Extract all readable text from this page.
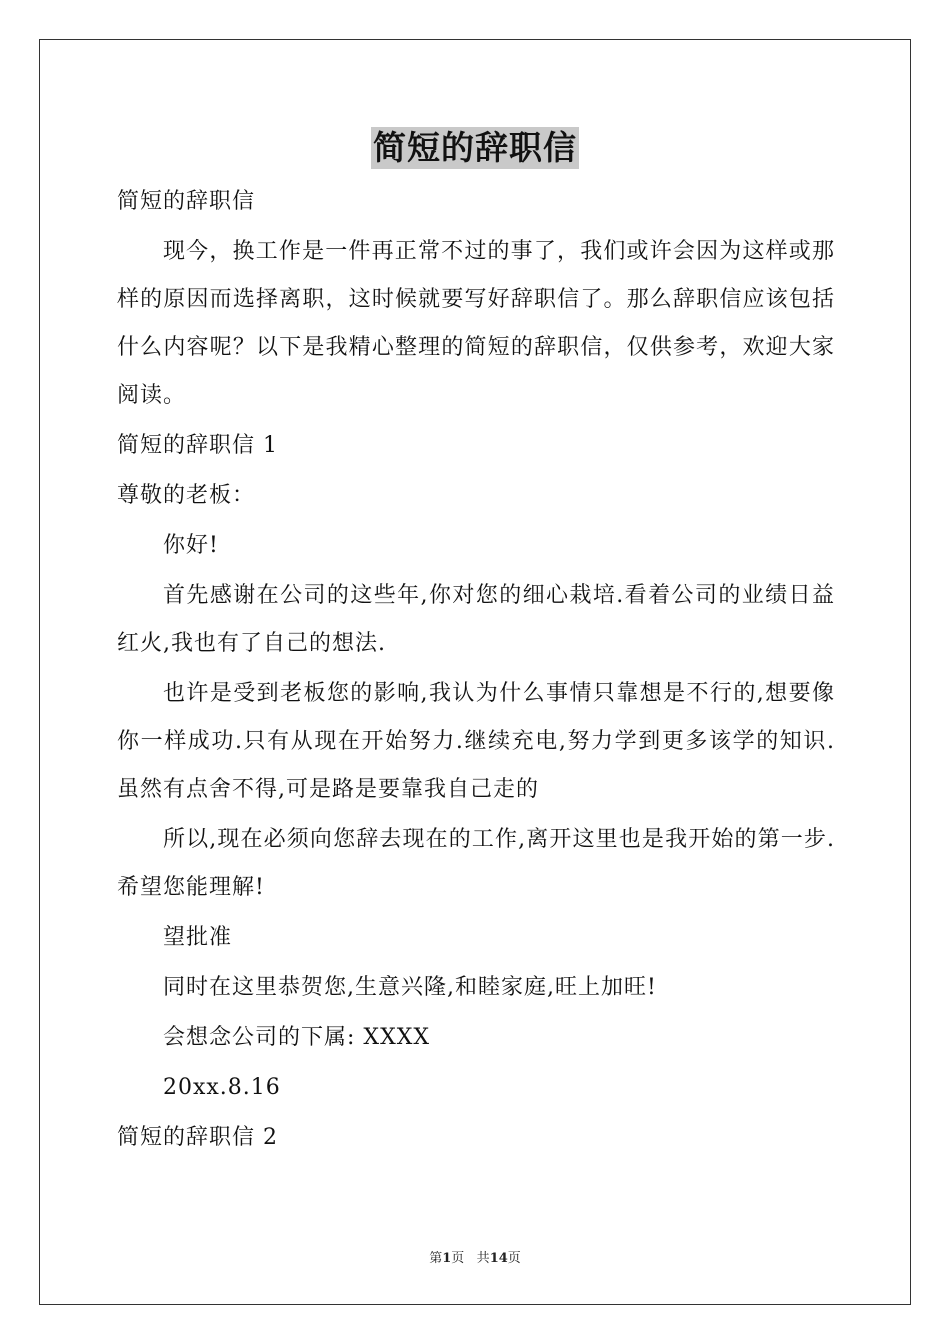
简短的辞职信

简短的辞职信

现今，换工作是一件再正常不过的事了，我们或许会因为这样或那样的原因而选择离职，这时候就要写好辞职信了。那么辞职信应该包括什么内容呢？以下是我精心整理的简短的辞职信，仅供参考，欢迎大家阅读。

简短的辞职信 1

尊敬的老板：

你好!

首先感谢在公司的这些年,你对您的细心栽培.看着公司的业绩日益红火,我也有了自己的想法.

也许是受到老板您的影响,我认为什么事情只靠想是不行的,想要像你一样成功.只有从现在开始努力.继续充电,努力学到更多该学的知识.虽然有点舍不得,可是路是要靠我自己走的

所以,现在必须向您辞去现在的工作,离开这里也是我开始的第一步.希望您能理解!

望批准

同时在这里恭贺您,生意兴隆,和睦家庭,旺上加旺!

会想念公司的下属: XXXX

20xx.8.16

简短的辞职信 2

第1页 共14页
